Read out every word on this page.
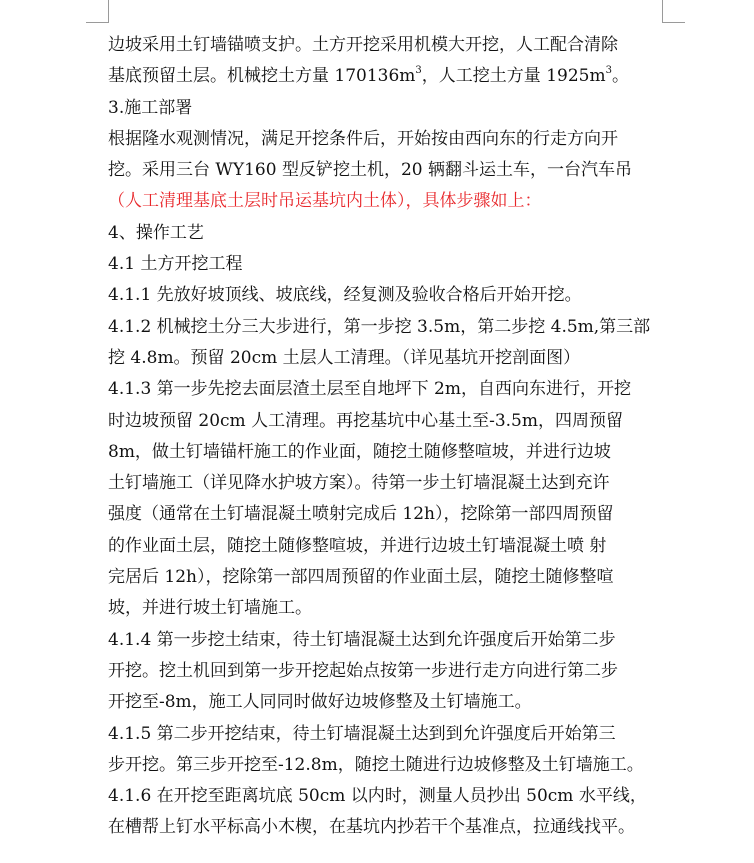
边坡采用土钉墙锚喷支护。土方开挖采用机模大开挖，人工配合清除
基底预留土层。机械挖土方量 $170136m^3$，人工挖土方量 $1925m^3$。
3.施工部署
根据隆水观测情况，满足开挖条件后，开始按由西向东的行走方向开
挖。采用三台 WY160 型反铲挖土机，20 辆翻斗运土车，一台汽车吊
（人工清理基底土层时吊运基坑内土体），具体步骤如上：
4、操作工艺
4.1 土方开挖工程
4.1.1 先放好坡顶线、坡底线，经复测及验收合格后开始开挖。
4.1.2 机械挖土分三大步进行，第一步挖 3.5m，第二步挖 4.5m,第三部
挖 4.8m。预留 20cm 土层人工清理。（详见基坑开挖剖面图）
4.1.3 第一步先挖去面层渣土层至自地坪下 2m，自西向东进行，开挖
时边坡预留 20cm 人工清理。再挖基坑中心基土至-3.5m，四周预留
8m，做土钉墙锚杆施工的作业面，随挖土随修整喧坡，并进行边坡
土钉墙施工（详见降水护坡方案）。待第一步土钉墙混凝土达到充许
强度（通常在土钉墙混凝土喷射完成后 12h），挖除第一部四周预留
的作业面土层，随挖土随修整喧坡，并进行边坡土钉墙混凝土喷 射
完居后 12h），挖除第一部四周预留的作业面土层，随挖土随修整喧
坡，并进行坡土钉墙施工。
4.1.4 第一步挖土结束，待土钉墙混凝土达到允许强度后开始第二步
开挖。挖土机回到第一步开挖起始点按第一步进行走方向进行第二步
开挖至-8m，施工人同同时做好边坡修整及土钉墙施工。
4.1.5 第二步开挖结束，待土钉墙混凝土达到到允许强度后开始第三
步开挖。第三步开挖至-12.8m，随挖土随进行边坡修整及土钉墙施工。
4.1.6 在开挖至距离坑底 50cm 以内时，测量人员抄出 50cm 水平线，
在槽帮上钉水平标高小木楔，在基坑内抄若干个基准点，拉通线找平。
